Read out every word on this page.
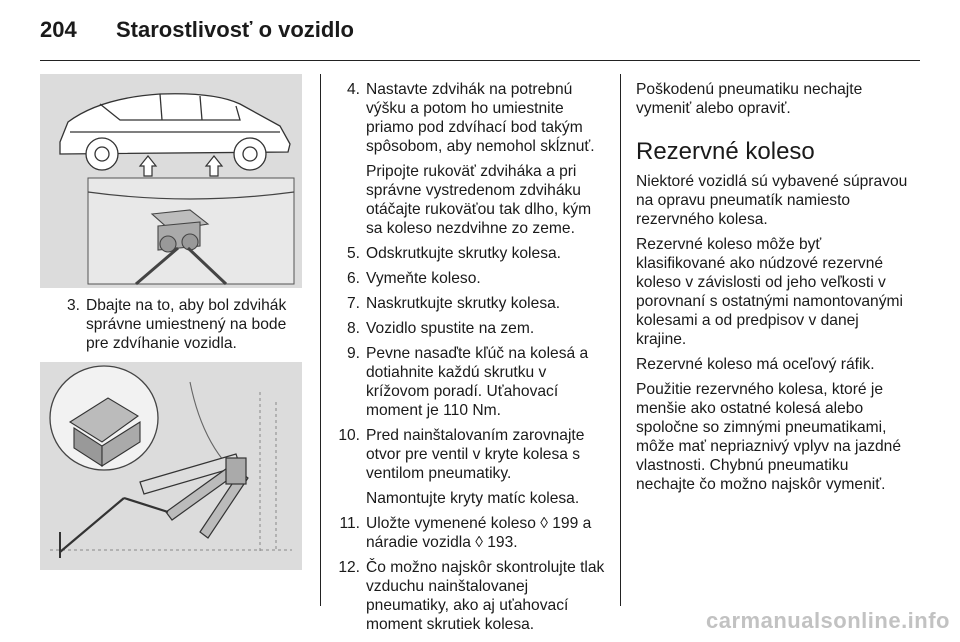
204 Starostlivosť o vozidlo
3. Dbajte na to, aby bol zdvihák správne umiestnený na bode pre zdvíhanie vozidla.
4. Nastavte zdvihák na potrebnú výšku a potom ho umiestnite priamo pod zdvíhací bod takým spôsobom, aby nemohol skĺznuť.

Pripojte rukoväť zdviháka a pri správne vystredenom zdviháku otáčajte rukoväťou tak dlho, kým sa koleso nezdvihne zo zeme.

5. Odskrutkujte skrutky kolesa.
6. Vymeňte koleso.
7. Naskrutkujte skrutky kolesa.
8. Vozidlo spustite na zem.
9. Pevne nasaďte kľúč na kolesá a dotiahnite každú skrutku v krížovom poradí. Uťahovací moment je 110 Nm.
10. Pred nainštalovaním zarovnajte otvor pre ventil v kryte kolesa s ventilom pneumatiky.

Namontujte kryty matíc kolesa.

11. Uložte vymenené koleso ◊ 199 a náradie vozidla ◊ 193.
12. Čo možno najskôr skontrolujte tlak vzduchu nainštalovanej pneumatiky, ako aj uťahovací moment skrutiek kolesa.

Poškodenú pneumatiku nechajte vymeniť alebo opraviť.

Rezervné koleso

Niektoré vozidlá sú vybavené súpravou na opravu pneumatík namiesto rezervného kolesa.

Rezervné koleso môže byť klasifikované ako núdzové rezervné koleso v závislosti od jeho veľkosti v porovnaní s ostatnými namontovanými kolesami a od predpisov v danej krajine.

Rezervné koleso má oceľový ráfik.

Použitie rezervného kolesa, ktoré je menšie ako ostatné kolesá alebo spoločne so zimnými pneumatikami, môže mať nepriaznivý vplyv na jazdné vlastnosti. Chybnú pneumatiku nechajte čo možno najskôr vymeniť.

carmanualsonline.info
